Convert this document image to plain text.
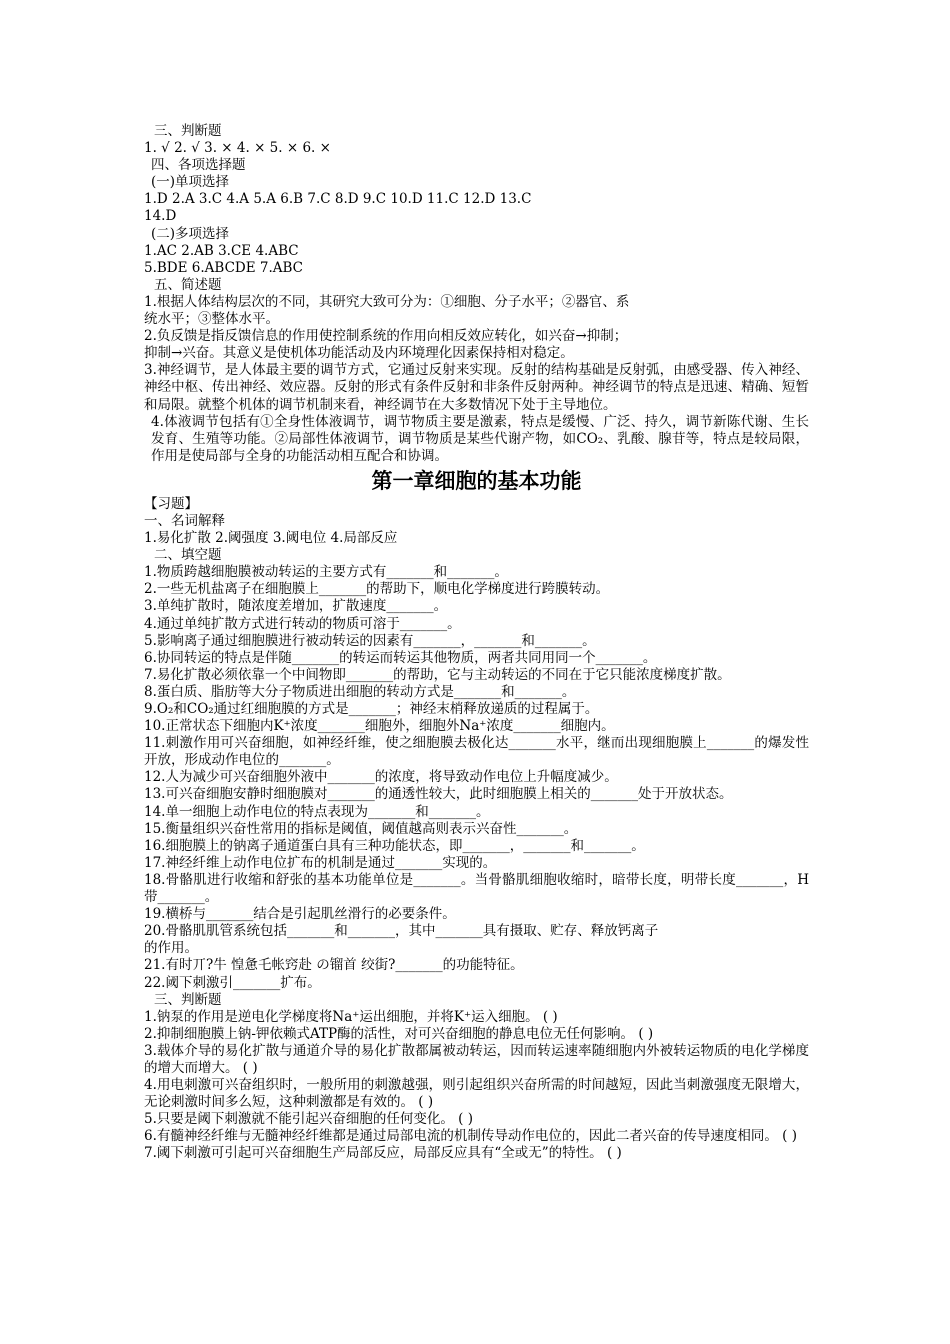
三、判断题
1. √ 2. √ 3. × 4. × 5. × 6. ×
四、各项选择题
(一)单项选择
1.D 2.A 3.C 4.A 5.A 6.B 7.C 8.D 9.C 10.D 11.C 12.D 13.C
14.D
(二)多项选择
1.AC 2.AB 3.CE 4.ABC
5.BDE 6.ABCDE 7.ABC
五、简述题
1.根据人体结构层次的不同，其研究大致可分为：①细胞、分子水平；②器官、系
统水平；③整体水平。
2.负反馈是指反馈信息的作用使控制系统的作用向相反效应转化，如兴奋→抑制；
抑制→兴奋。其意义是使机体功能活动及内环境理化因素保持相对稳定。
3.神经调节，是人体最主要的调节方式，它通过反射来实现。反射的结构基础是反射弧，由感受器、传入神经、神经中枢、传出神经、效应器。反射的形式有条件反射和非条件反射两种。神经调节的特点是迅速、精确、短暂和局限。就整个机体的调节机制来看，神经调节在大多数情况下处于主导地位。
4.体液调节包括有①全身性体液调节，调节物质主要是激素，特点是缓慢、广泛、持久，调节新陈代谢、生长发育、生殖等功能。②局部性体液调节，调节物质是某些代谢产物，如CO₂、乳酸、腺苷等，特点是较局限，作用是使局部与全身的功能活动相互配合和协调。
第一章细胞的基本功能
【习题】
一、名词解释
1.易化扩散 2.阈强度 3.阈电位 4.局部反应
二、填空题
1.物质跨越细胞膜被动转运的主要方式有_______和_______。
2.一些无机盐离子在细胞膜上_______的帮助下，顺电化学梯度进行跨膜转动。
3.单纯扩散时，随浓度差增加，扩散速度_______。
4.通过单纯扩散方式进行转动的物质可溶于_______。
5.影响离子通过细胞膜进行被动转运的因素有_______，_______和_______。
6.协同转运的特点是伴随_______的转运而转运其他物质，两者共同用同一个_______。
7.易化扩散必须依靠一个中间物即_______的帮助，它与主动转运的不同在于它只能浓度梯度扩散。
8.蛋白质、脂肪等大分子物质进出细胞的转动方式是_______和_______。
9.O₂和CO₂通过红细胞膜的方式是_______；神经末梢释放递质的过程属于。
10.正常状态下细胞内K⁺浓度_______细胞外，细胞外Na⁺浓度_______细胞内。
11.刺激作用可兴奋细胞，如神经纤维，使之细胞膜去极化达_______水平，继而出现细胞膜上_______的爆发性开放，形成动作电位的_______。
12.人为减少可兴奋细胞外液中_______的浓度，将导致动作电位上升幅度减少。
13.可兴奋细胞安静时细胞膜对_______的通透性较大，此时细胞膜上相关的_______处于开放状态。
14.单一细胞上动作电位的特点表现为_______和_______。
15.衡量组织兴奋性常用的指标是阈值，阈值越高则表示兴奋性_______。
16.细胞膜上的钠离子通道蛋白具有三种功能状态，即_______，_______和_______。
17.神经纤维上动作电位扩布的机制是通过_______实现的。
18.骨骼肌进行收缩和舒张的基本功能单位是_______。当骨骼肌细胞收缩时，暗带长度，明带长度_______，H带_______。
19.横桥与_______结合是引起肌丝滑行的必要条件。
20.骨骼肌肌管系统包括_______和_______，其中_______具有摄取、贮存、释放钙离子
的作用。
21.有时丌?牛 惶惫乇帐窍赴 の镏首 绞街?_______的功能特征。
22.阈下刺激引_______扩布。
三、判断题
1.钠泵的作用是逆电化学梯度将Na⁺运出细胞，并将K⁺运入细胞。 ( )
2.抑制细胞膜上钠-钾依赖式ATP酶的活性，对可兴奋细胞的静息电位无任何影响。 ( )
3.载体介导的易化扩散与通道介导的易化扩散都属被动转运，因而转运速率随细胞内外被转运物质的电化学梯度的增大而增大。 ( )
4.用电刺激可兴奋组织时，一般所用的刺激越强，则引起组织兴奋所需的时间越短，因此当刺激强度无限增大，无论刺激时间多么短，这种刺激都是有效的。 ( )
5.只要是阈下刺激就不能引起兴奋细胞的任何变化。 ( )
6.有髓神经纤维与无髓神经纤维都是通过局部电流的机制传导动作电位的，因此二者兴奋的传导速度相同。 ( )
7.阈下刺激可引起可兴奋细胞生产局部反应，局部反应具有“全或无”的特性。 ( )
